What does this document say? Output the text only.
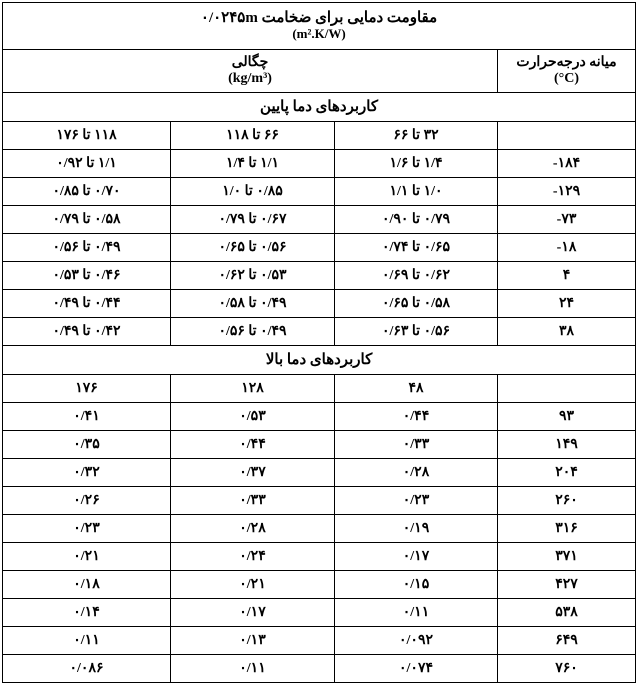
مقاومت دمایی برای ضخامت ۰/۰۲۴۵m
(m².K/W)			

چگالی
(kg/m³)			میانه درجه‌حرارت
(°C)

کاربردهای دما پایین			
۱۱۸ تا ۱۷۶	۶۶ تا ۱۱۸	۳۲ تا ۶۶	
۱/۱ تا ۰/۹۲	۱/۱ تا ۱/۴	۱/۴ تا ۱/۶	-۱۸۴
۰/۷۰ تا ۰/۸۵	۰/۸۵ تا ۱/۰	۱/۰ تا ۱/۱	-۱۲۹
۰/۵۸ تا ۰/۷۹	۰/۶۷ تا ۰/۷۹	۰/۷۹ تا ۰/۹۰	-۷۳
۰/۴۹ تا ۰/۵۶	۰/۵۶ تا ۰/۶۵	۰/۶۵ تا ۰/۷۴	-۱۸
۰/۴۶ تا ۰/۵۳	۰/۵۳ تا ۰/۶۲	۰/۶۲ تا ۰/۶۹	۴
۰/۴۴ تا ۰/۴۹	۰/۴۹ تا ۰/۵۸	۰/۵۸ تا ۰/۶۵	۲۴
۰/۴۲ تا ۰/۴۹	۰/۴۹ تا ۰/۵۶	۰/۵۶ تا ۰/۶۳	۳۸
کاربردهای دما بالا			
۱۷۶	۱۲۸	۴۸	
۰/۴۱	۰/۵۳	۰/۴۴	۹۳
۰/۳۵	۰/۴۴	۰/۳۳	۱۴۹
۰/۳۲	۰/۳۷	۰/۲۸	۲۰۴
۰/۲۶	۰/۳۳	۰/۲۳	۲۶۰
۰/۲۳	۰/۲۸	۰/۱۹	۳۱۶
۰/۲۱	۰/۲۴	۰/۱۷	۳۷۱
۰/۱۸	۰/۲۱	۰/۱۵	۴۲۷
۰/۱۴	۰/۱۷	۰/۱۱	۵۳۸
۰/۱۱	۰/۱۳	۰/۰۹۲	۶۴۹
۰/۰۸۶	۰/۱۱	۰/۰۷۴	۷۶۰
